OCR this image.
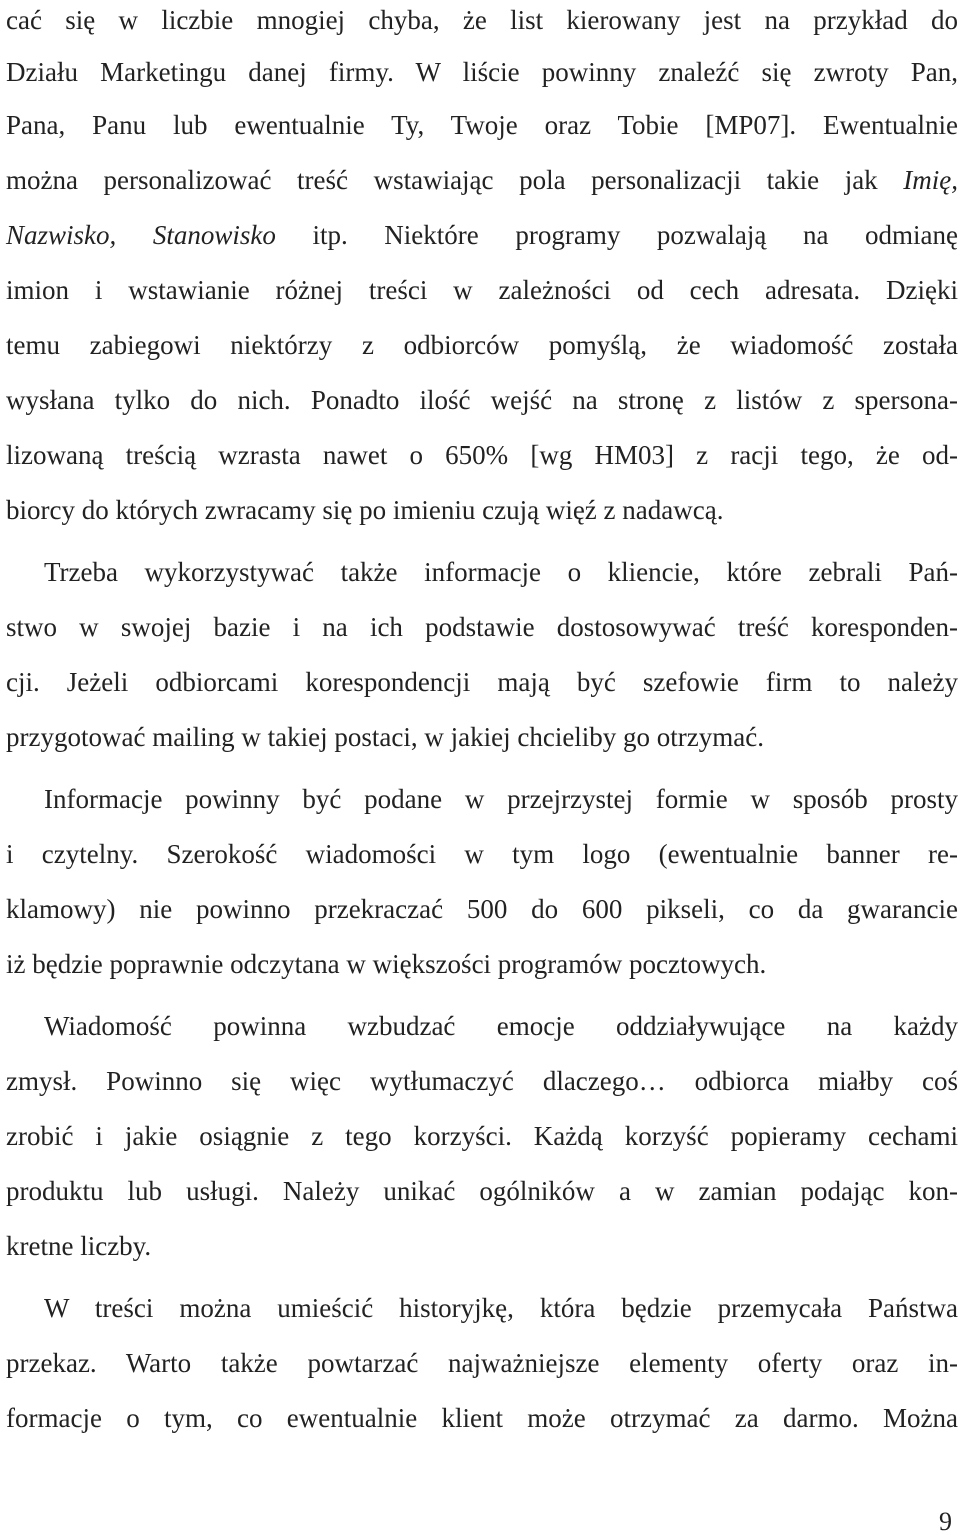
cać się w liczbie mnogiej chyba, że list kierowany jest na przykład do
Działu Marketingu danej firmy. W liście powinny znaleźć się zwroty Pan,
Pana, Panu lub ewentualnie Ty, Twoje oraz Tobie [MP07]. Ewentualnie
można personalizować treść wstawiając pola personalizacji takie jak Imię,
Nazwisko, Stanowisko itp. Niektóre programy pozwalają na odmianę
imion i wstawianie różnej treści w zależności od cech adresata. Dzięki
temu zabiegowi niektórzy z odbiorców pomyślą, że wiadomość została
wysłana tylko do nich. Ponadto ilość wejść na stronę z listów z spersona-
lizowaną treścią wzrasta nawet o 650% [wg HM03] z racji tego, że od-
biorcy do których zwracamy się po imieniu czują więź z nadawcą.
Trzeba wykorzystywać także informacje o kliencie, które zebrali Pań-
stwo w swojej bazie i na ich podstawie dostosowywać treść koresponden-
cji. Jeżeli odbiorcami korespondencji mają być szefowie firm to należy
przygotować mailing w takiej postaci, w jakiej chcieliby go otrzymać.
Informacje powinny być podane w przejrzystej formie w sposób prosty
i czytelny. Szerokość wiadomości w tym logo (ewentualnie banner re-
klamowy) nie powinno przekraczać 500 do 600 pikseli, co da gwarancie
iż będzie poprawnie odczytana w większości programów pocztowych.
Wiadomość powinna wzbudzać emocje oddziaływujące na każdy
zmysł. Powinno się więc wytłumaczyć dlaczego… odbiorca miałby coś
zrobić i jakie osiągnie z tego korzyści. Każdą korzyść popieramy cechami
produktu lub usługi. Należy unikać ogólników a w zamian podając kon-
kretne liczby.
W treści można umieścić historyjkę, która będzie przemycała Państwa
przekaz. Warto także powtarzać najważniejsze elementy oferty oraz in-
formacje o tym, co ewentualnie klient może otrzymać za darmo. Można
9
